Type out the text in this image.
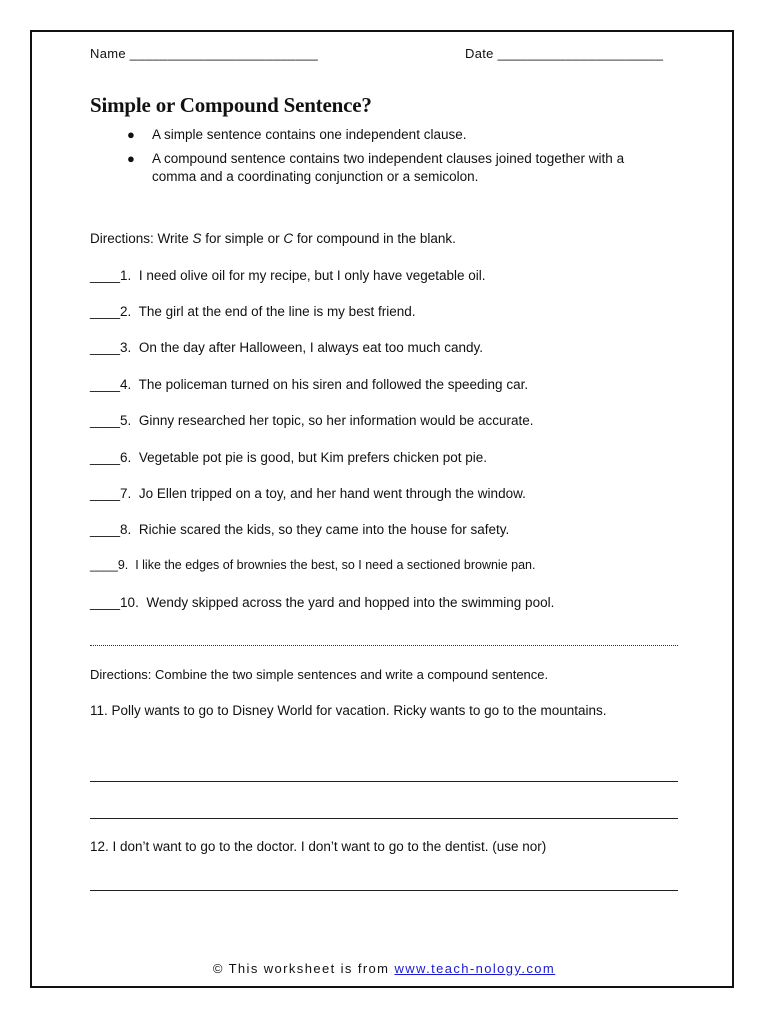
Name _________________________	Date ______________________
Simple or Compound Sentence?
● A simple sentence contains one independent clause.
● A compound sentence contains two independent clauses joined together with a comma and a coordinating conjunction or a semicolon.
Directions: Write S for simple or C for compound in the blank.
____1. I need olive oil for my recipe, but I only have vegetable oil.
____2. The girl at the end of the line is my best friend.
____3. On the day after Halloween, I always eat too much candy.
____4. The policeman turned on his siren and followed the speeding car.
____5. Ginny researched her topic, so her information would be accurate.
____6. Vegetable pot pie is good, but Kim prefers chicken pot pie.
____7. Jo Ellen tripped on a toy, and her hand went through the window.
____8. Richie scared the kids, so they came into the house for safety.
____9. I like the edges of brownies the best, so I need a sectioned brownie pan.
____10. Wendy skipped across the yard and hopped into the swimming pool.
Directions: Combine the two simple sentences and write a compound sentence.
11. Polly wants to go to Disney World for vacation. Ricky wants to go to the mountains.
12. I don’t want to go to the doctor. I don’t want to go to the dentist. (use nor)
© This worksheet is from www.teach-nology.com
